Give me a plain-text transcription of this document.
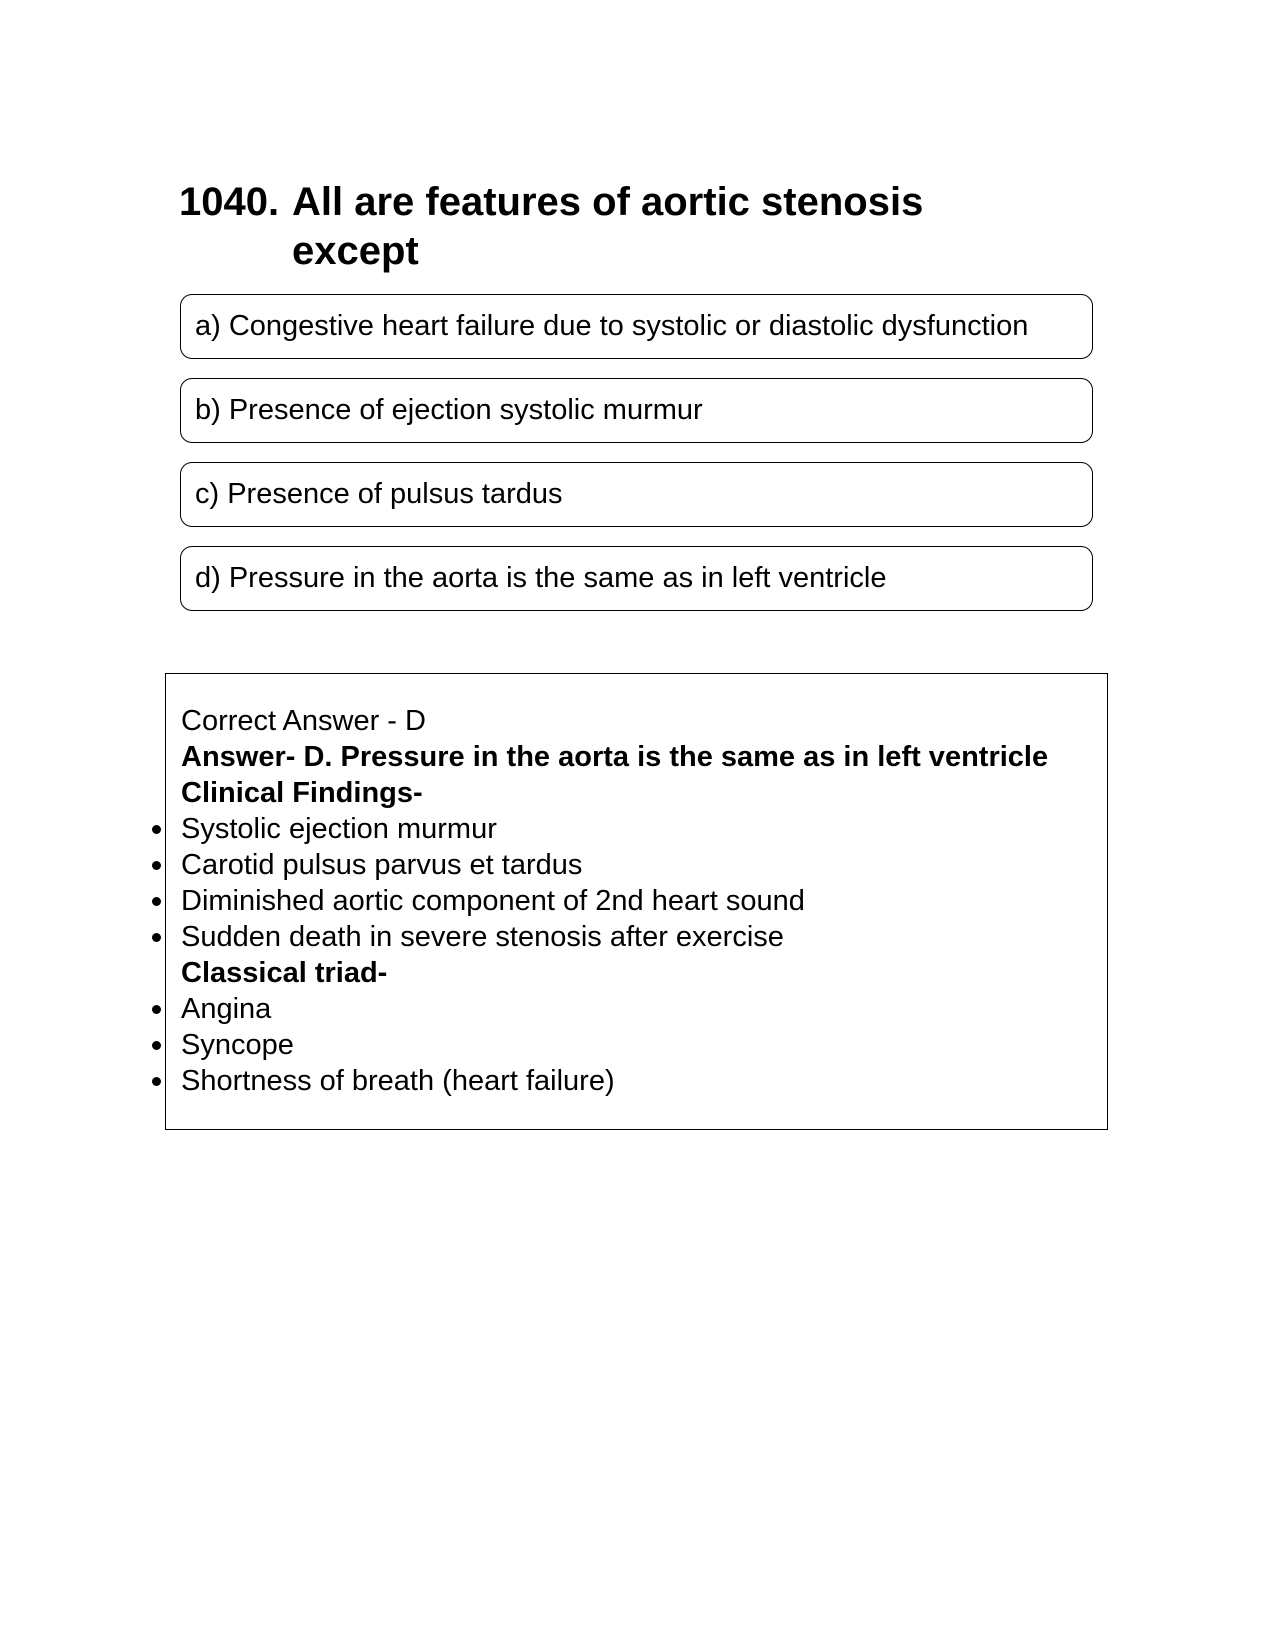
1040. All are features of aortic stenosis except
a) Congestive heart failure due to systolic or diastolic dysfunction
b) Presence of ejection systolic murmur
c) Presence of pulsus tardus
d) Pressure in the aorta is the same as in left ventricle
Correct Answer - D
Answer- D. Pressure in the aorta is the same as in left ventricle
Clinical Findings-
Systolic ejection murmur
Carotid pulsus parvus et tardus
Diminished aortic component of 2nd heart sound
Sudden death in severe stenosis after exercise
Classical triad-
Angina
Syncope
Shortness of breath (heart failure)
